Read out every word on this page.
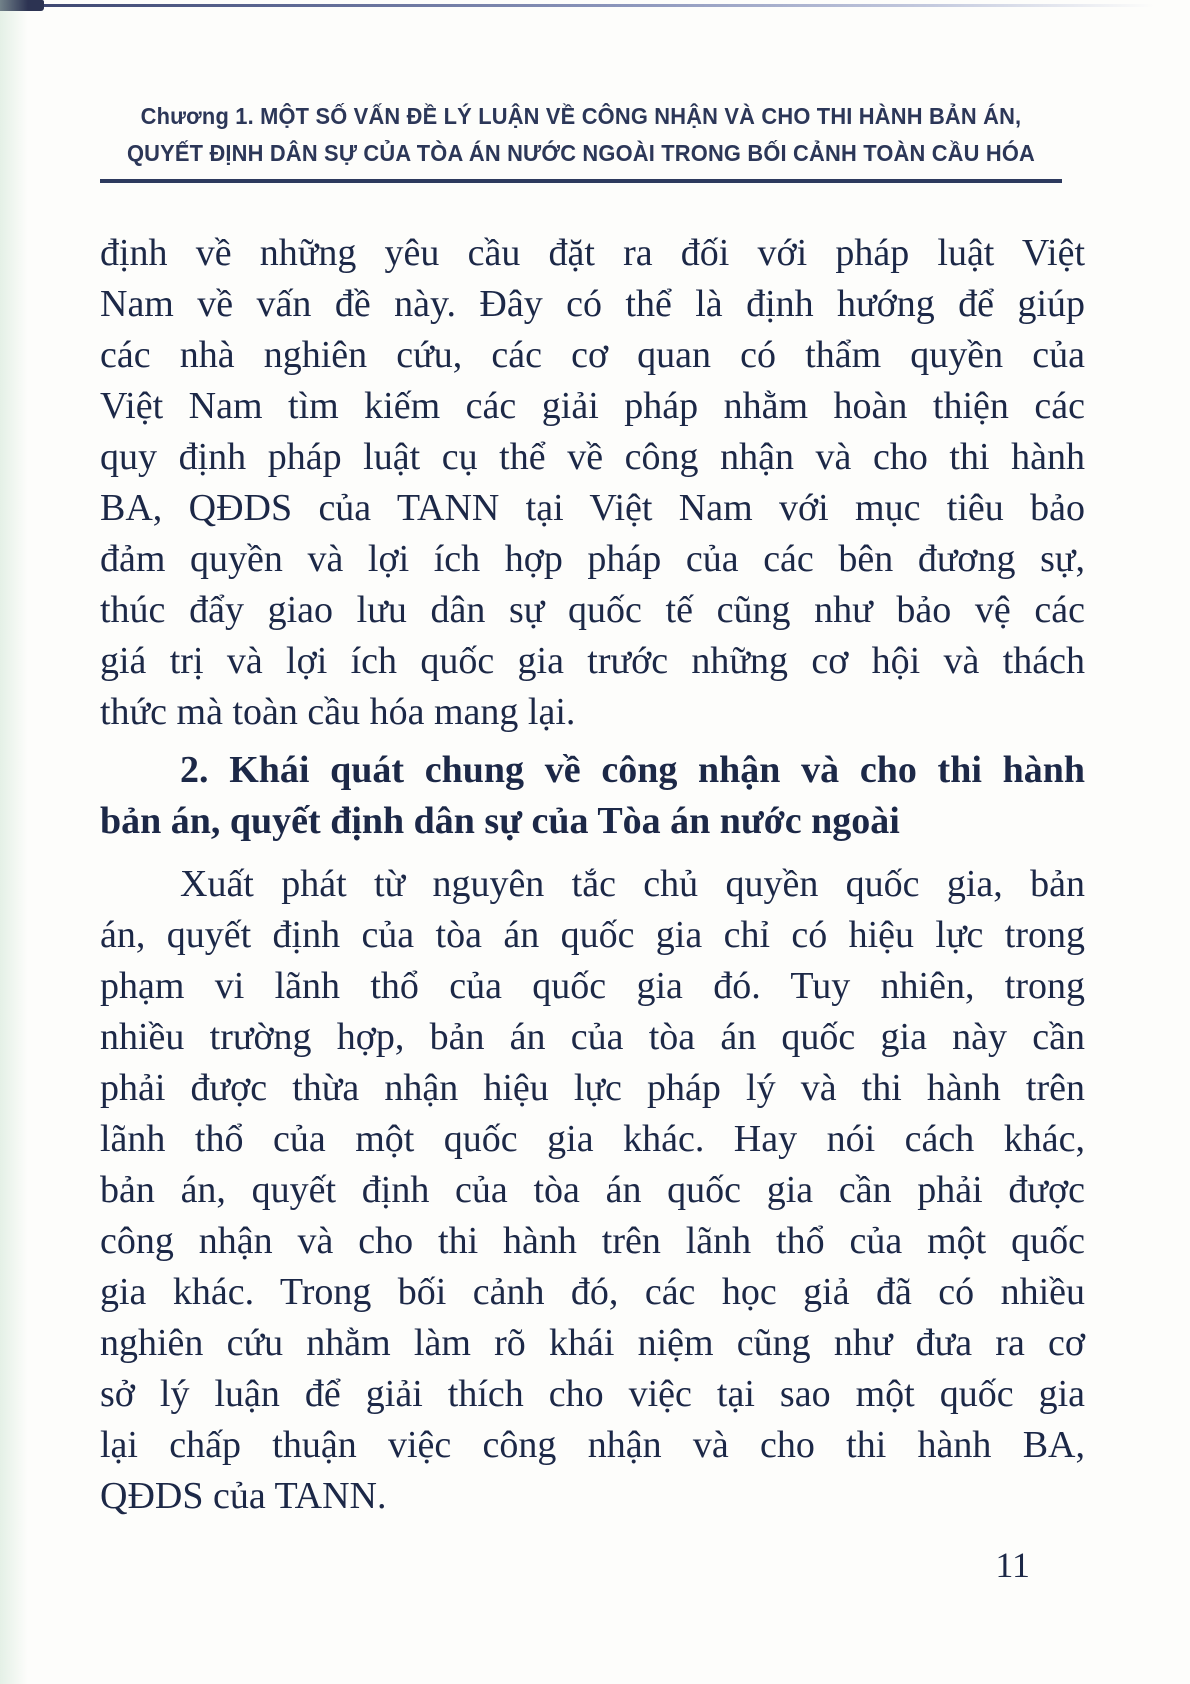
Chương 1. MỘT SỐ VẤN ĐỀ LÝ LUẬN VỀ CÔNG NHẬN VÀ CHO THI HÀNH BẢN ÁN,
QUYẾT ĐỊNH DÂN SỰ CỦA TÒA ÁN NƯỚC NGOÀI TRONG BỐI CẢNH TOÀN CẦU HÓA
định về những yêu cầu đặt ra đối với pháp luật Việt
Nam về vấn đề này. Đây có thể là định hướng để giúp
các nhà nghiên cứu, các cơ quan có thẩm quyền của
Việt Nam tìm kiếm các giải pháp nhằm hoàn thiện các
quy định pháp luật cụ thể về công nhận và cho thi hành
BA, QĐDS của TANN tại Việt Nam với mục tiêu bảo
đảm quyền và lợi ích hợp pháp của các bên đương sự,
thúc đẩy giao lưu dân sự quốc tế cũng như bảo vệ các
giá trị và lợi ích quốc gia trước những cơ hội và thách
thức mà toàn cầu hóa mang lại.
2. Khái quát chung về công nhận và cho thi hành
bản án, quyết định dân sự của Tòa án nước ngoài
Xuất phát từ nguyên tắc chủ quyền quốc gia, bản
án, quyết định của tòa án quốc gia chỉ có hiệu lực trong
phạm vi lãnh thổ của quốc gia đó. Tuy nhiên, trong
nhiều trường hợp, bản án của tòa án quốc gia này cần
phải được thừa nhận hiệu lực pháp lý và thi hành trên
lãnh thổ của một quốc gia khác. Hay nói cách khác,
bản án, quyết định của tòa án quốc gia cần phải được
công nhận và cho thi hành trên lãnh thổ của một quốc
gia khác. Trong bối cảnh đó, các học giả đã có nhiều
nghiên cứu nhằm làm rõ khái niệm cũng như đưa ra cơ
sở lý luận để giải thích cho việc tại sao một quốc gia
lại chấp thuận việc công nhận và cho thi hành BA,
QĐDS của TANN.
11
